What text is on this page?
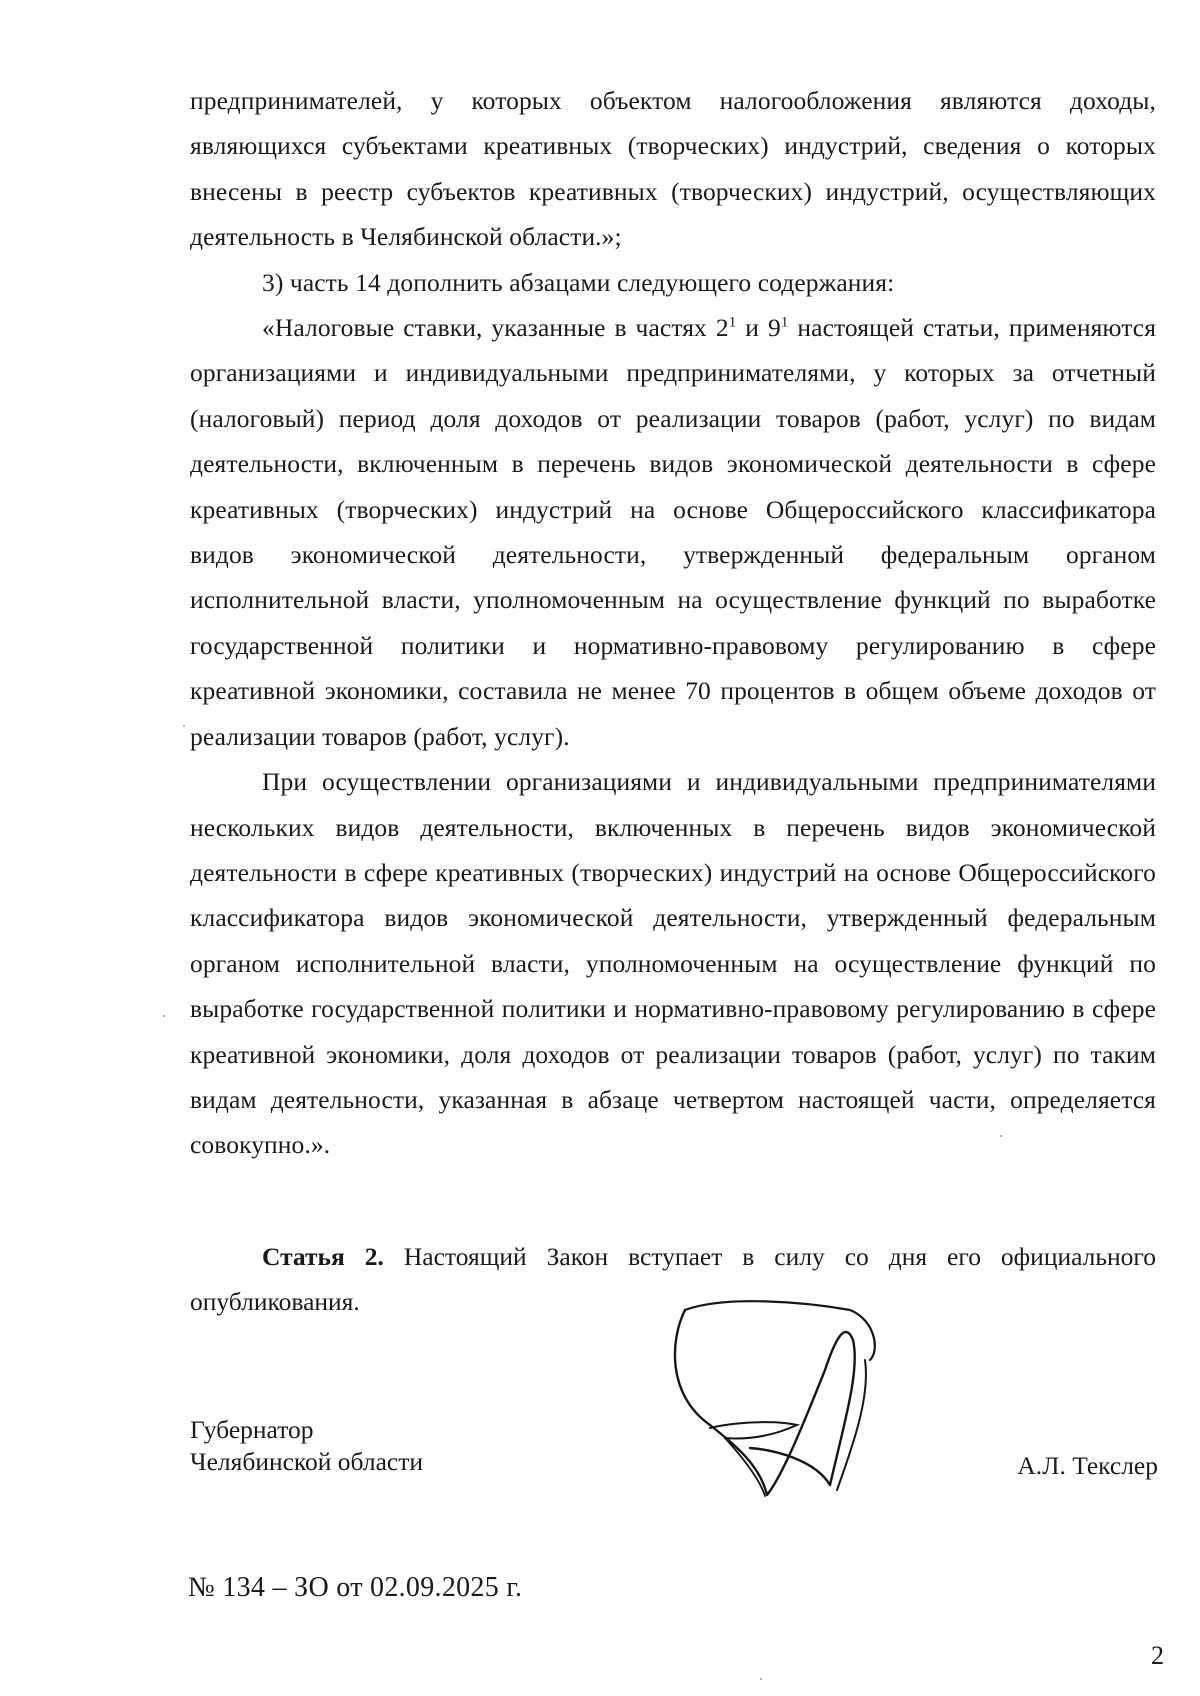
предпринимателей, у которых объектом налогообложения являются доходы, являющихся субъектами креативных (творческих) индустрий, сведения о которых внесены в реестр субъектов креативных (творческих) индустрий, осуществляющих деятельность в Челябинской области.»;

3) часть 14 дополнить абзацами следующего содержания:

«Налоговые ставки, указанные в частях $2^1$ и $9^1$ настоящей статьи, применяются организациями и индивидуальными предпринимателями, у которых за отчетный (налоговый) период доля доходов от реализации товаров (работ, услуг) по видам деятельности, включенным в перечень видов экономической деятельности в сфере креативных (творческих) индустрий на основе Общероссийского классификатора видов экономической деятельности, утвержденный федеральным органом исполнительной власти, уполномоченным на осуществление функций по выработке государственной политики и нормативно-правовому регулированию в сфере креативной экономики, составила не менее 70 процентов в общем объеме доходов от реализации товаров (работ, услуг).

При осуществлении организациями и индивидуальными предпринимателями нескольких видов деятельности, включенных в перечень видов экономической деятельности в сфере креативных (творческих) индустрий на основе Общероссийского классификатора видов экономической деятельности, утвержденный федеральным органом исполнительной власти, уполномоченным на осуществление функций по выработке государственной политики и нормативно-правовому регулированию в сфере креативной экономики, доля доходов от реализации товаров (работ, услуг) по таким видам деятельности, указанная в абзаце четвертом настоящей части, определяется совокупно.».

Статья 2. Настоящий Закон вступает в силу со дня его официального опубликования.
Губернатор
Челябинской области	А.Л. Текслер
№ 134 – ЗО от 02.09.2025 г.
2
